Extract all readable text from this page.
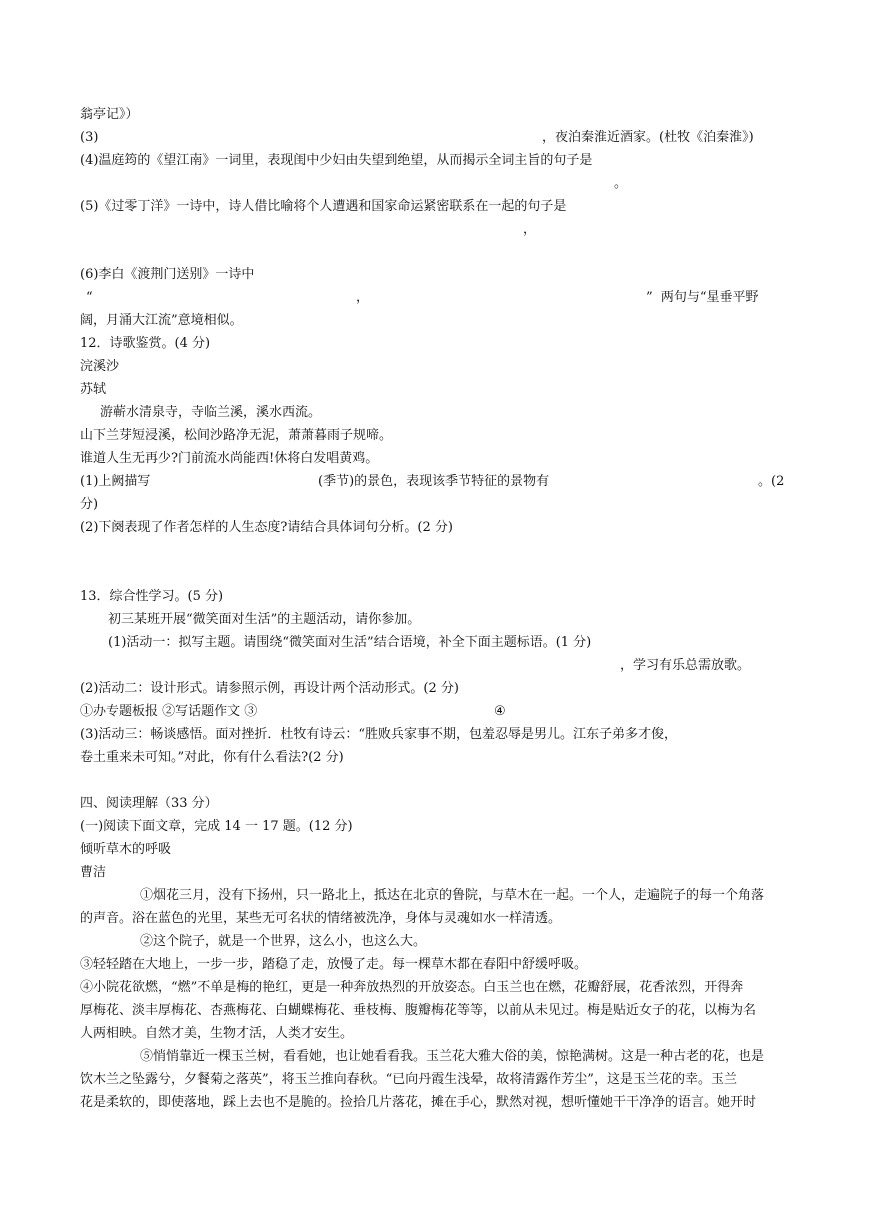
翁亭记》）
(3)	，夜泊秦淮近酒家。(杜牧《泊秦淮》)
(4)温庭筠的《望江南》一词里，表现闺中少妇由失望到绝望，从而揭示全词主旨的句子是
。
(5)《过零丁洋》一诗中，诗人借比喻将个人遭遇和国家命运紧密联系在一起的句子是
，
(6)李白《渡荆门送别》一诗中
“	，	”  两句与“星垂平野
阔，月涌大江流”意境相似。
12．诗歌鉴赏。(4 分)
浣溪沙
苏轼
游蕲水清泉寺，寺临兰溪，溪水西流。
山下兰芽短浸溪，松间沙路净无泥，萧萧暮雨子规啼。
谁道人生无再少?门前流水尚能西!休将白发唱黄鸡。
(1)上阙描写	(季节)的景色，表现该季节特征的景物有	。(2
分)
(2)下阕表现了作者怎样的人生态度?请结合具体词句分析。(2 分)
13．综合性学习。(5 分)
初三某班开展“微笑面对生活”的主题活动，请你参加。
(1)活动一：拟写主题。请围绕“微笑面对生活”结合语境，补全下面主题标语。(1 分)
，学习有乐总需放歌。
(2)活动二：设计形式。请参照示例，再设计两个活动形式。(2 分)
①办专题板报 ②写话题作文 ③	④
(3)活动三：畅谈感悟。面对挫折．杜牧有诗云：“胜败兵家事不期，包羞忍辱是男儿。江东子弟多才俊，
卷土重来未可知。”对此，你有什么看法?(2 分)
四、阅读理解（33 分）
(一)阅读下面文章，完成 14 一 17 题。(12 分)
倾听草木的呼吸
曹洁
①烟花三月，没有下扬州，只一路北上，抵达在北京的鲁院，与草木在一起。一个人，走遍院子的每一个角落
的声音。浴在蓝色的光里，某些无可名状的情绪被洗净，身体与灵魂如水一样清透。
②这个院子，就是一个世界，这么小，也这么大。
③轻轻踏在大地上，一步一步，踏稳了走，放慢了走。每一棵草木都在春阳中舒缓呼吸。
④小院花欲燃，“燃”不单是梅的艳红，更是一种奔放热烈的开放姿态。白玉兰也在燃，花瓣舒展，花香浓烈，开得奔
厚梅花、淡丰厚梅花、杏燕梅花、白蝴蝶梅花、垂枝梅、腹瓣梅花等等，以前从未见过。梅是贴近女子的花，以梅为名
人两相映。自然才美，生物才活，人类才安生。
⑤悄悄靠近一棵玉兰树，看看她，也让她看看我。玉兰花大雅大俗的美，惊艳满树。这是一种古老的花，也是
饮木兰之坠露兮，夕餐菊之落英”，将玉兰推向春秋。“已向丹霞生浅晕，故将清露作芳尘”，这是玉兰花的幸。玉兰
花是柔软的，即使落地，踩上去也不是脆的。捡拾几片落花，摊在手心，默然对视，想听懂她干干净净的语言。她开时
